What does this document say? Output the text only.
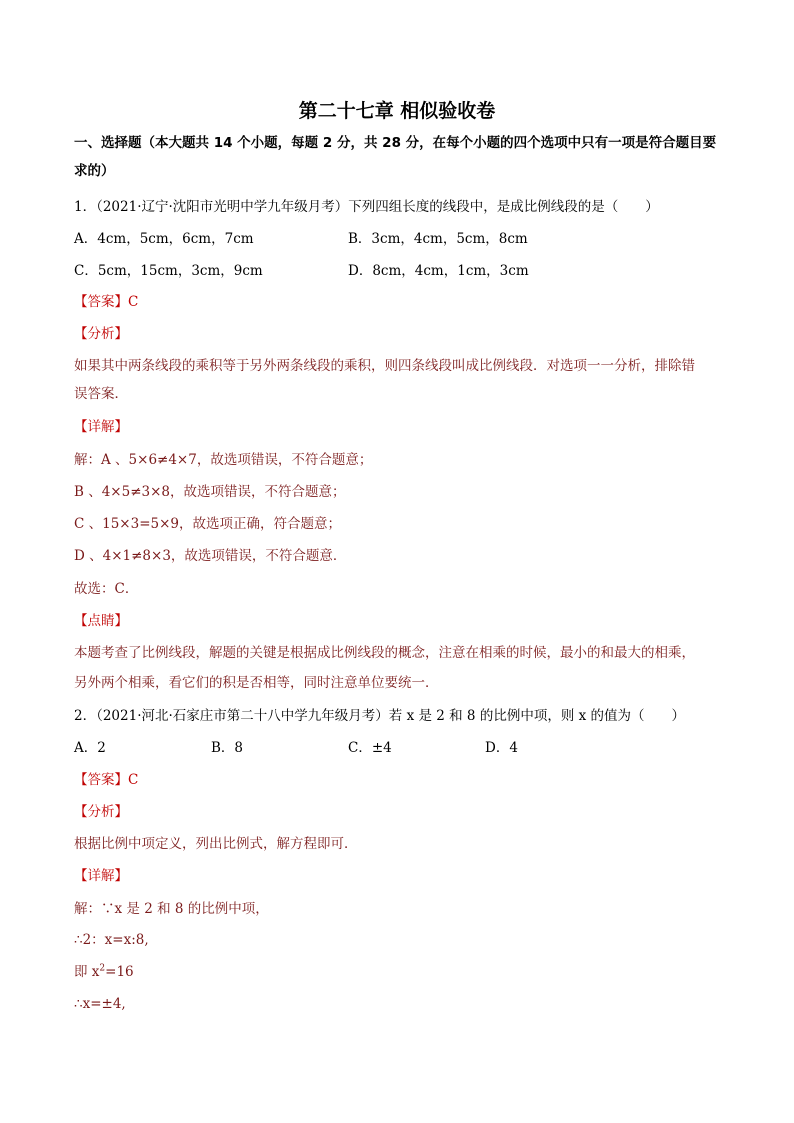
第二十七章 相似验收卷
一、选择题（本大题共 14 个小题，每题 2 分，共 28 分，在每个小题的四个选项中只有一项是符合题目要
求的）
1．（2021·辽宁·沈阳市光明中学九年级月考）下列四组长度的线段中，是成比例线段的是（　　）
A．4cm，5cm，6cm，7cm	B．3cm，4cm，5cm，8cm
C．5cm，15cm，3cm，9cm	D．8cm，4cm，1cm，3cm
【答案】C
【分析】
如果其中两条线段的乘积等于另外两条线段的乘积，则四条线段叫成比例线段．对选项一一分析，排除错
误答案．
【详解】
解：A 、5×6≠4×7，故选项错误，不符合题意；
B 、4×5≠3×8，故选项错误，不符合题意；
C 、15×3=5×9，故选项正确，符合题意；
D 、4×1≠8×3，故选项错误，不符合题意．
故选：C．
【点睛】
本题考查了比例线段，解题的关键是根据成比例线段的概念，注意在相乘的时候，最小的和最大的相乘，
另外两个相乘，看它们的积是否相等，同时注意单位要统一．
2．（2021·河北·石家庄市第二十八中学九年级月考）若 x 是 2 和 8 的比例中项，则 x 的值为（　　）
A．2	B．8	C．±4	D．4
【答案】C
【分析】
根据比例中项定义，列出比例式，解方程即可．
【详解】
解：∵x 是 2 和 8 的比例中项，
∴2：x=x:8,
即 $x^2=16$
∴x=±4,
